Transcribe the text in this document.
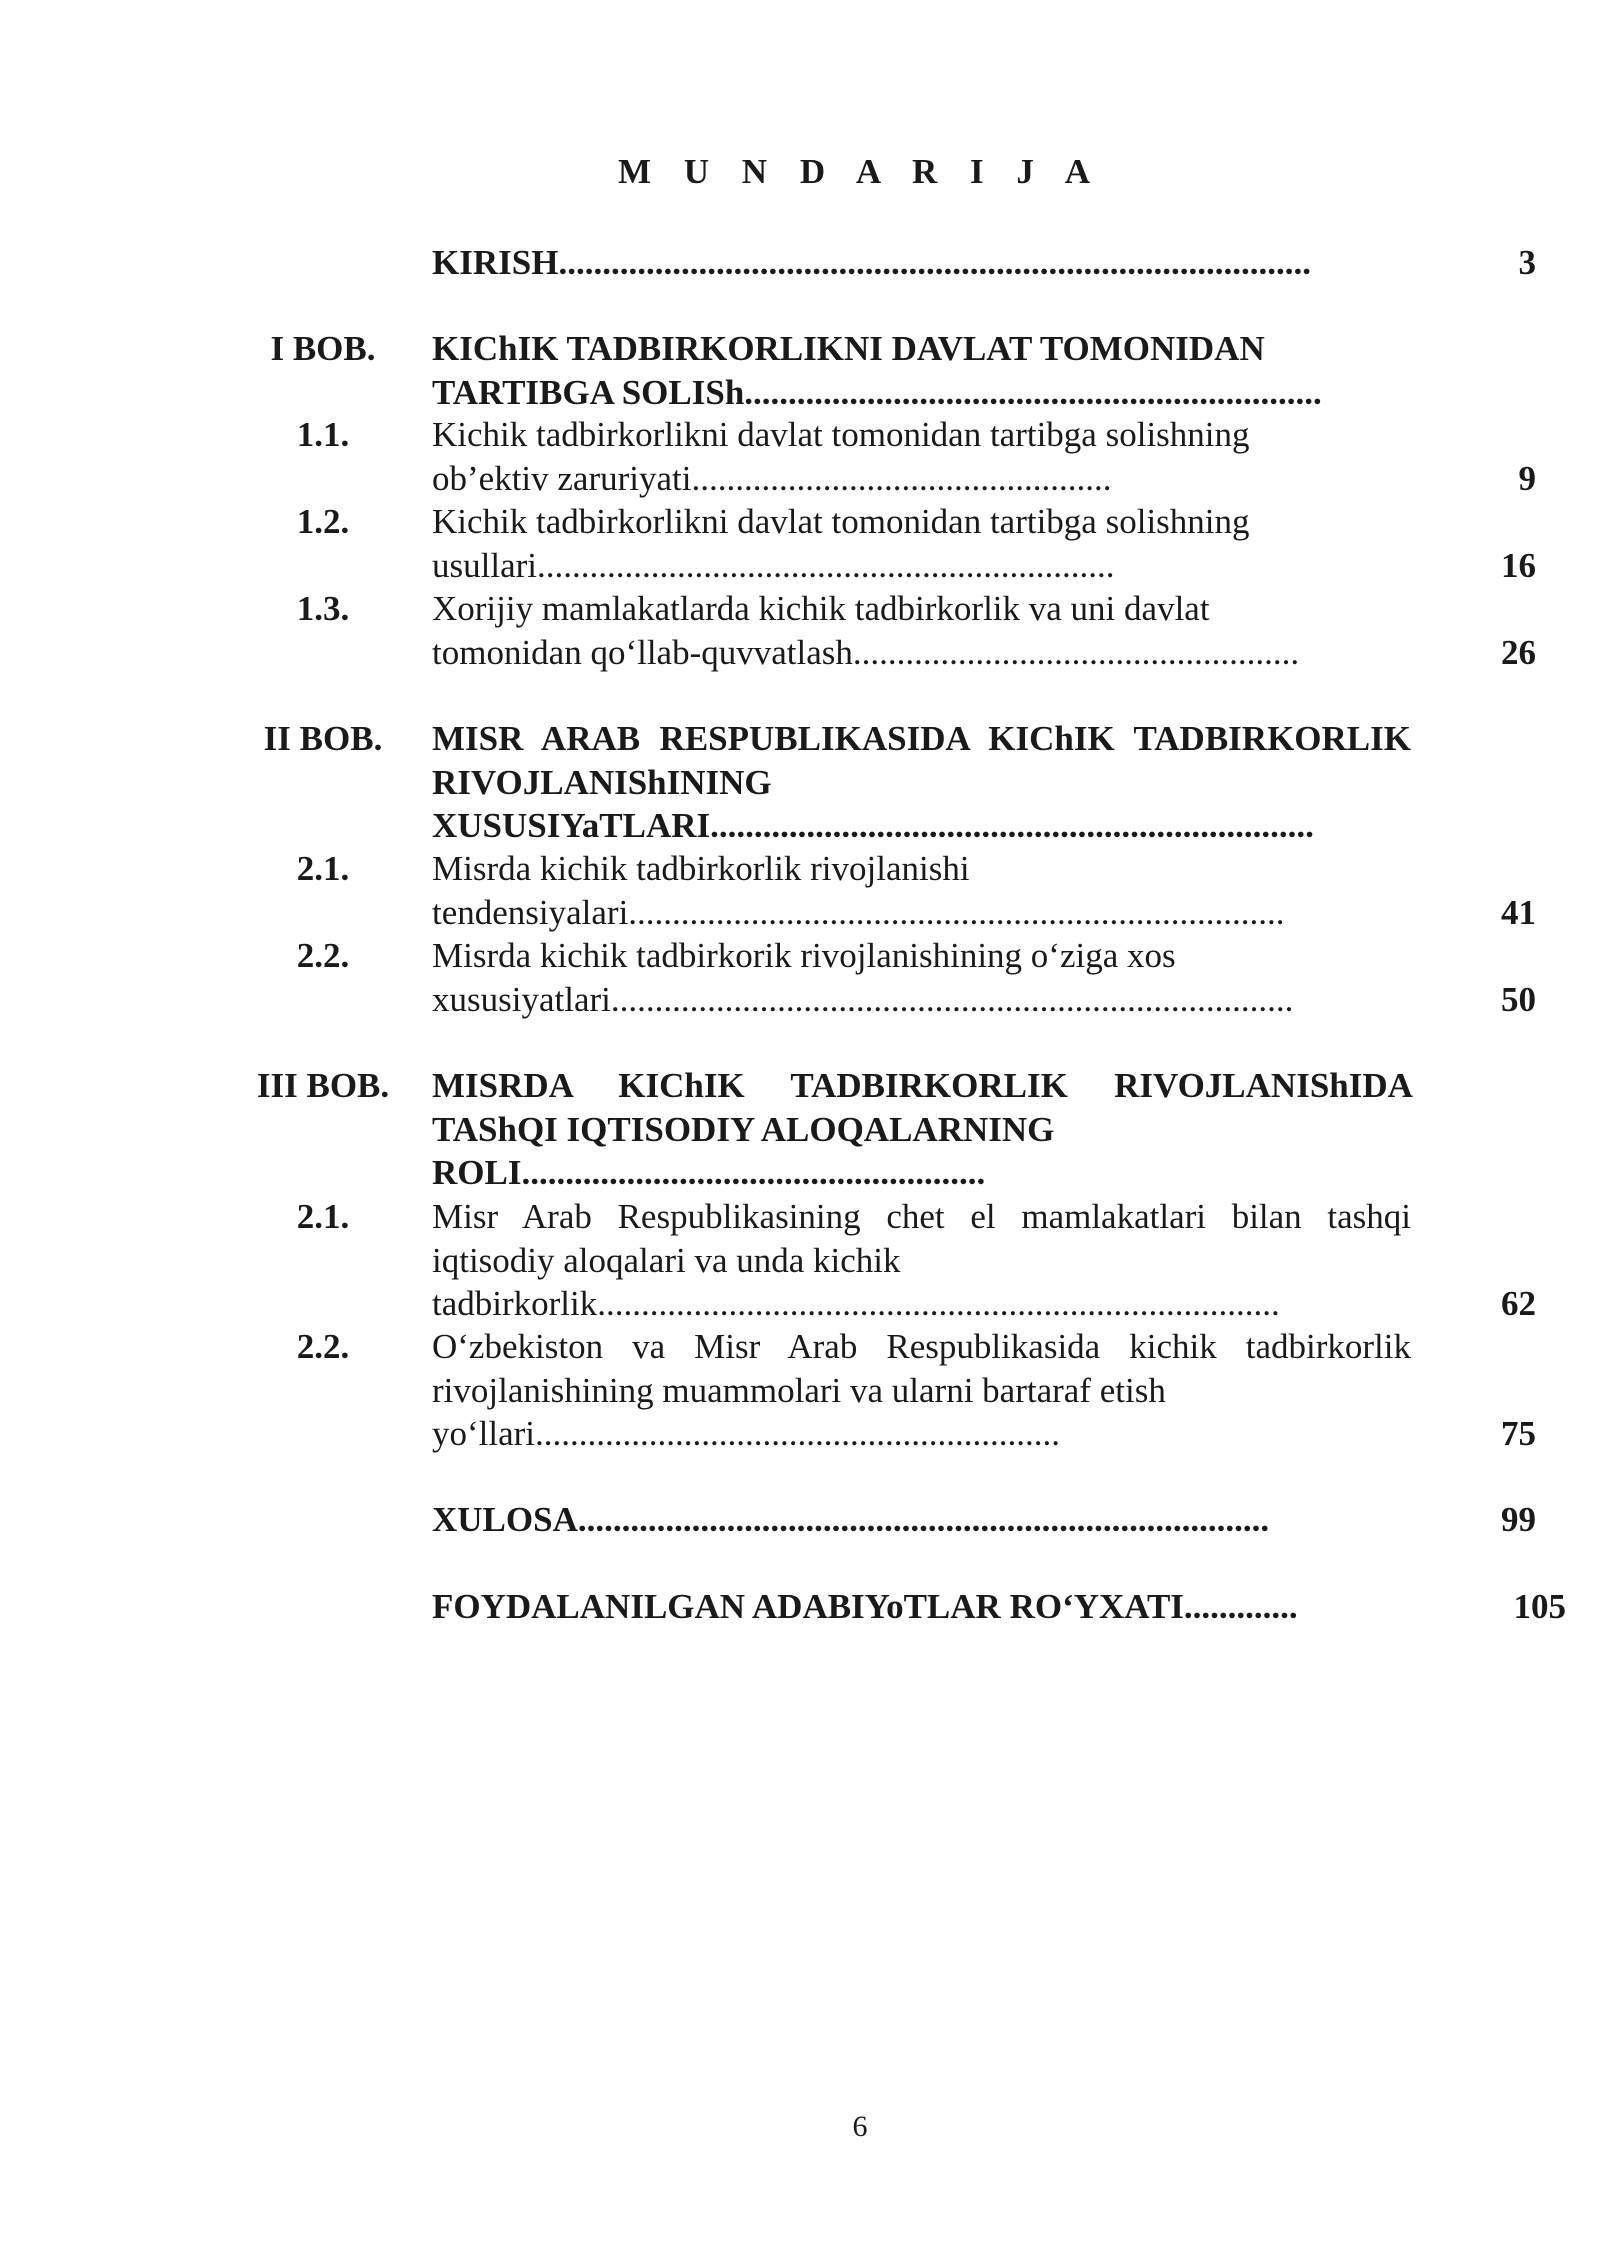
M U N D A R I J A
KIRISH......................................................................................	3
I BOB.	KIChIK TADBIRKORLIKNI DAVLAT TOMONIDAN
TARTIBGA SOLISh..................................................................
1.1.	Kichik tadbirkorlikni davlat tomonidan tartibga solishning
ob’ektiv zaruriyati................................................	9
1.2.	Kichik tadbirkorlikni davlat tomonidan tartibga solishning
usullari..................................................................	16
1.3.	Xorijiy mamlakatlarda kichik tadbirkorlik va uni davlat
tomonidan qo‘llab-quvvatlash...................................................	26
II BOB.	MISR ARAB RESPUBLIKASIDA KIChIK TADBIRKORLIK RIVOJLANIShINING
XUSUSIYaTLARI.....................................................................
2.1.	Misrda kichik tadbirkorlik rivojlanishi
tendensiyalari...........................................................................	41
2.2.	Misrda kichik tadbirkorik rivojlanishining o‘ziga xos
xususiyatlari..............................................................................	50
III BOB. MISRDA KIChIK TADBIRKORLIK RIVOJLANIShIDA TAShQI IQTISODIY ALOQALARNING
ROLI.....................................................
2.1.	Misr Arab Respublikasining chet el mamlakatlari bilan tashqi iqtisodiy aloqalari va unda kichik
tadbirkorlik..............................................................................	62
2.2.	O‘zbekiston va Misr Arab Respublikasida kichik tadbirkorlik rivojlanishining muammolari va ularni bartaraf etish
yo‘llari............................................................	75
XULOSA...............................................................................	99
FOYDALANILGAN ADABIYoTLAR RO‘YXATI.............	105
6
